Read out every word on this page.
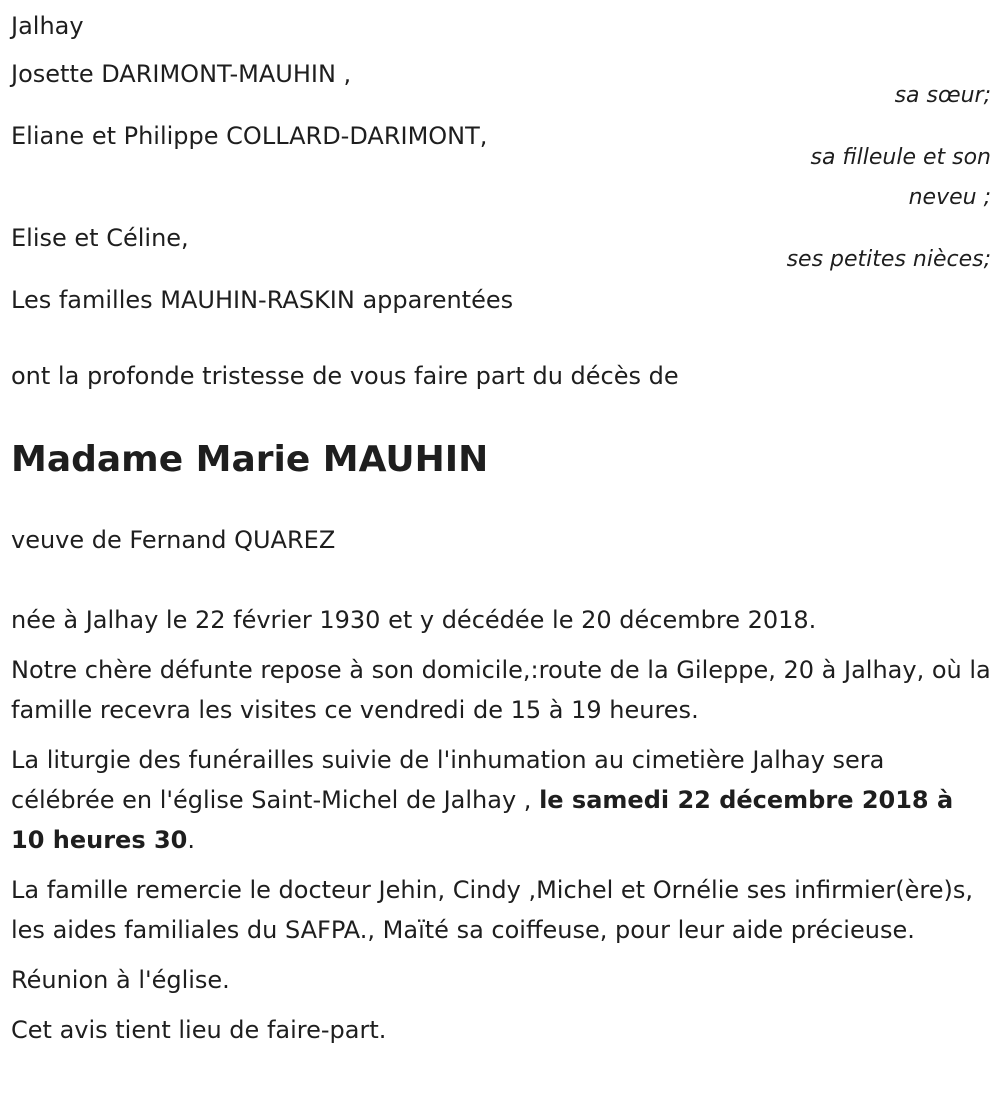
Jalhay

Josette DARIMONT-MAUHIN ,

sa sœur;

Eliane et Philippe COLLARD-DARIMONT,

sa filleule et son

neveu ;

Elise et Céline,

ses petites nièces;

Les familles MAUHIN-RASKIN apparentées

ont la profonde tristesse de vous faire part du décès de

Madame Marie MAUHIN

veuve de Fernand QUAREZ

née à Jalhay le 22 février 1930 et y décédée le 20 décembre 2018.

Notre chère défunte repose à son domicile,:route de la Gileppe, 20 à Jalhay, où la famille recevra les visites ce vendredi de 15 à 19 heures.

La liturgie des funérailles suivie de l'inhumation au cimetière Jalhay sera célébrée en l'église Saint-Michel de Jalhay , le samedi 22 décembre 2018 à 10 heures 30.

La famille remercie le docteur Jehin, Cindy ,Michel et Ornélie ses infirmier(ère)s, les aides familiales du SAFPA., Maïté sa coiffeuse, pour leur aide précieuse.

Réunion à l'église.

Cet avis tient lieu de faire-part.
